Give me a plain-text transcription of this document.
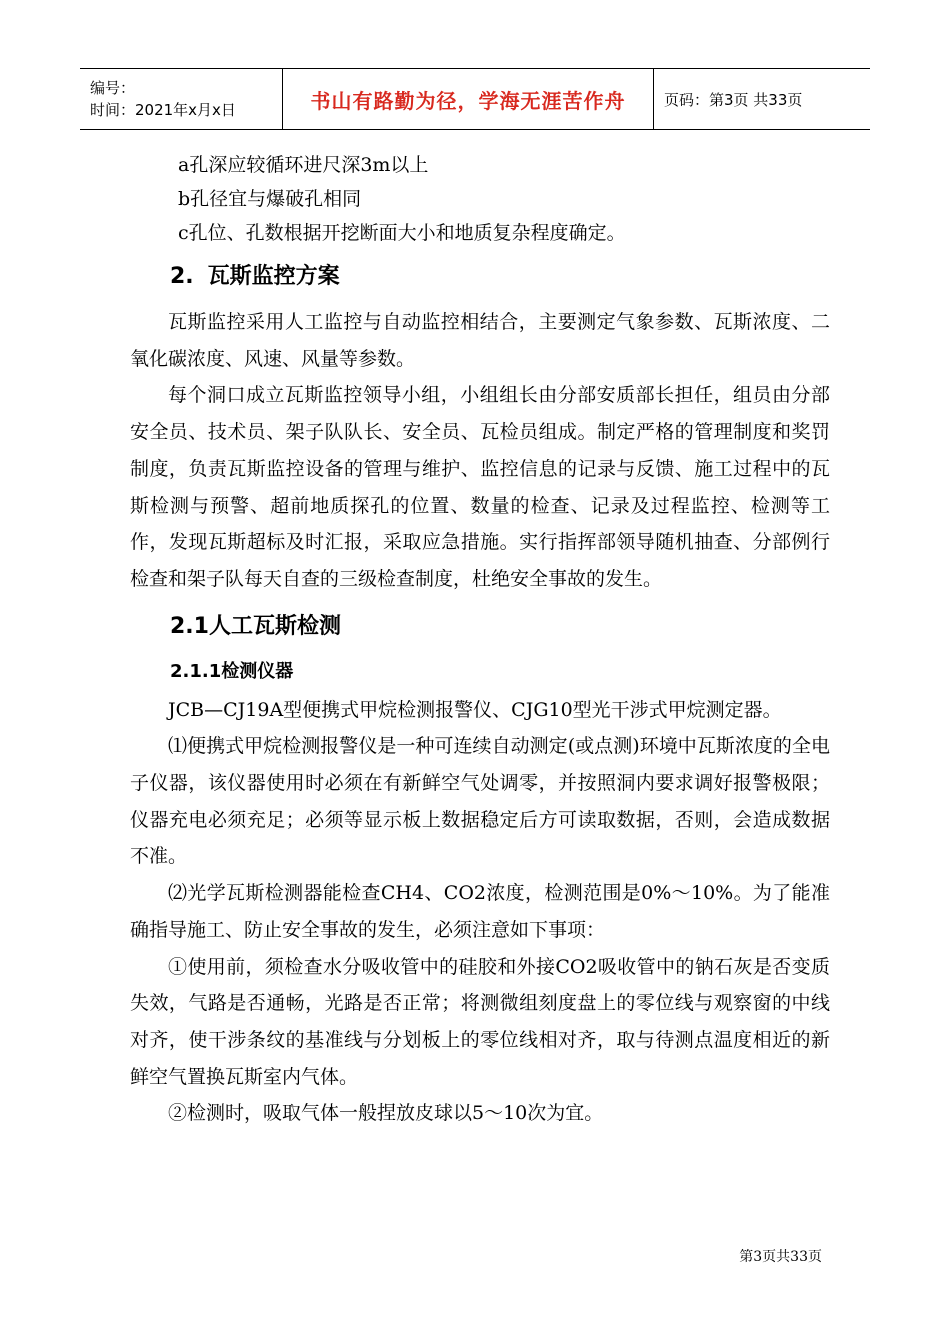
编号：
时间：2021年x月x日	书山有路勤为径，学海无涯苦作舟	页码：第3页 共33页
a孔深应较循环进尺深3m以上
b孔径宜与爆破孔相同
c孔位、孔数根据开挖断面大小和地质复杂程度确定。
2. 瓦斯监控方案

瓦斯监控采用人工监控与自动监控相结合，主要测定气象参数、瓦斯浓度、二氧化碳浓度、风速、风量等参数。

每个洞口成立瓦斯监控领导小组，小组组长由分部安质部长担任，组员由分部安全员、技术员、架子队队长、安全员、瓦检员组成。制定严格的管理制度和奖罚制度，负责瓦斯监控设备的管理与维护、监控信息的记录与反馈、施工过程中的瓦斯检测与预警、超前地质探孔的位置、数量的检查、记录及过程监控、检测等工作，发现瓦斯超标及时汇报，采取应急措施。实行指挥部领导随机抽查、分部例行检查和架子队每天自查的三级检查制度，杜绝安全事故的发生。

2.1人工瓦斯检测
2.1.1检测仪器

JCB—CJ19A型便携式甲烷检测报警仪、CJG10型光干涉式甲烷测定器。

⑴便携式甲烷检测报警仪是一种可连续自动测定(或点测)环境中瓦斯浓度的全电子仪器，该仪器使用时必须在有新鲜空气处调零，并按照洞内要求调好报警极限；仪器充电必须充足；必须等显示板上数据稳定后方可读取数据，否则，会造成数据不准。

⑵光学瓦斯检测器能检查CH4、CO2浓度，检测范围是0%～10%。为了能准确指导施工、防止安全事故的发生，必须注意如下事项：

①使用前，须检查水分吸收管中的硅胶和外接CO2吸收管中的钠石灰是否变质失效，气路是否通畅，光路是否正常；将测微组刻度盘上的零位线与观察窗的中线对齐，使干涉条纹的基准线与分划板上的零位线相对齐，取与待测点温度相近的新鲜空气置换瓦斯室内气体。

②检测时，吸取气体一般捏放皮球以5～10次为宜。

第3页共33页
